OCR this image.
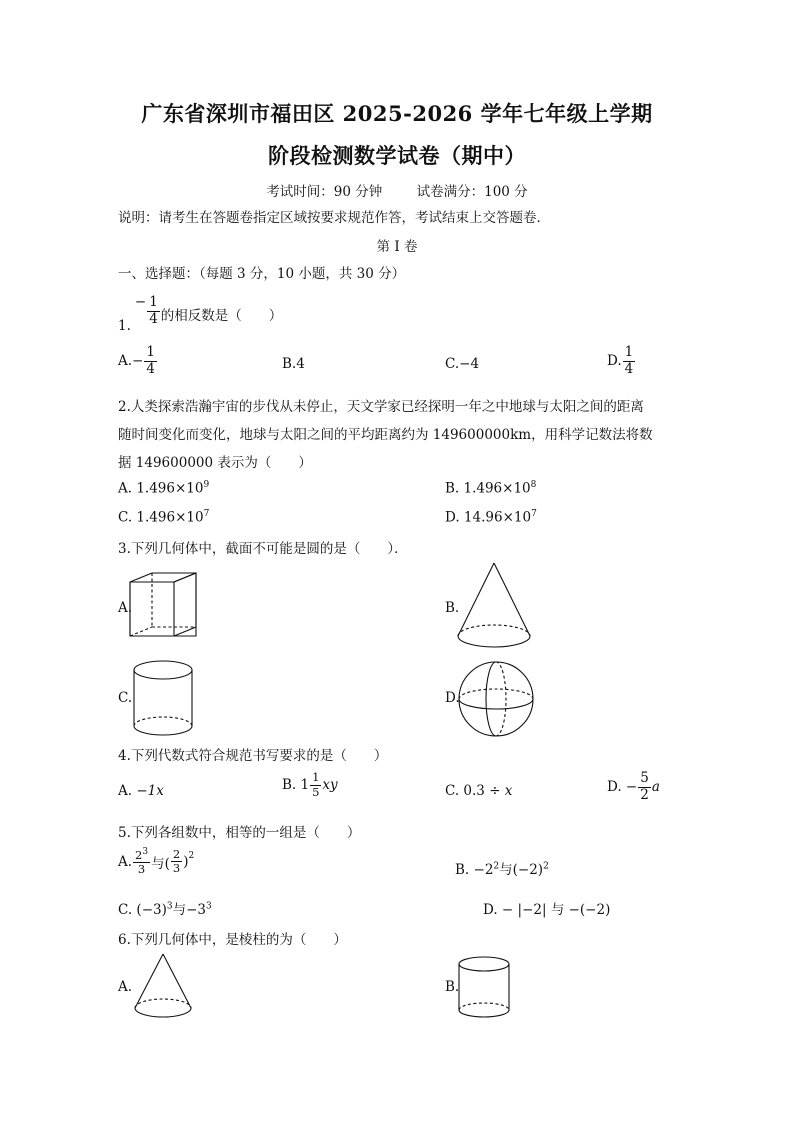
广东省深圳市福田区 2025-2026 学年七年级上学期
阶段检测数学试卷（期中）
考试时间：90 分钟        试卷满分：100 分
说明：请考生在答题卷指定区域按要求规范作答，考试结束上交答题卷．
第 I 卷
一、选择题：（每题 3 分，10 小题，共 30 分）
1.
− $\frac{1}{4}$ 的相反数是（　　）
A. − $\frac{1}{4}$	B.4	C.−4	D. $\frac{1}{4}$
2.人类探索浩瀚宇宙的步伐从未停止，天文学家已经探明一年之中地球与太阳之间的距离
随时间变化而变化，地球与太阳之间的平均距离约为 149600000km，用科学记数法将数
据 149600000 表示为（　　）
A. $1.496\times 10^9$	B. $1.496\times 10^8$
C. $1.496\times 10^7$	D. $14.96\times 10^7$
3.下列几何体中，截面不可能是圆的是（　　）．
A.	B.
C.	D.
4.下列代数式符合规范书写要求的是（　　）
A. −1x	B. $1 \frac{1}{5}$ xy	C. 0.3 ÷ x	D. − $\frac{5}{2}$ a
5.下列各组数中，相等的一组是（　　）
A. $\frac{2^3}{3}$ 与( $\frac{2}{3} )^2$
B. $-2^2$与$(-2)^2$
C. $(-3)^3$与$-3^3$	D. − |−2| 与 −(−2)
6.下列几何体中，是棱柱的为（　　）
A.	B.
